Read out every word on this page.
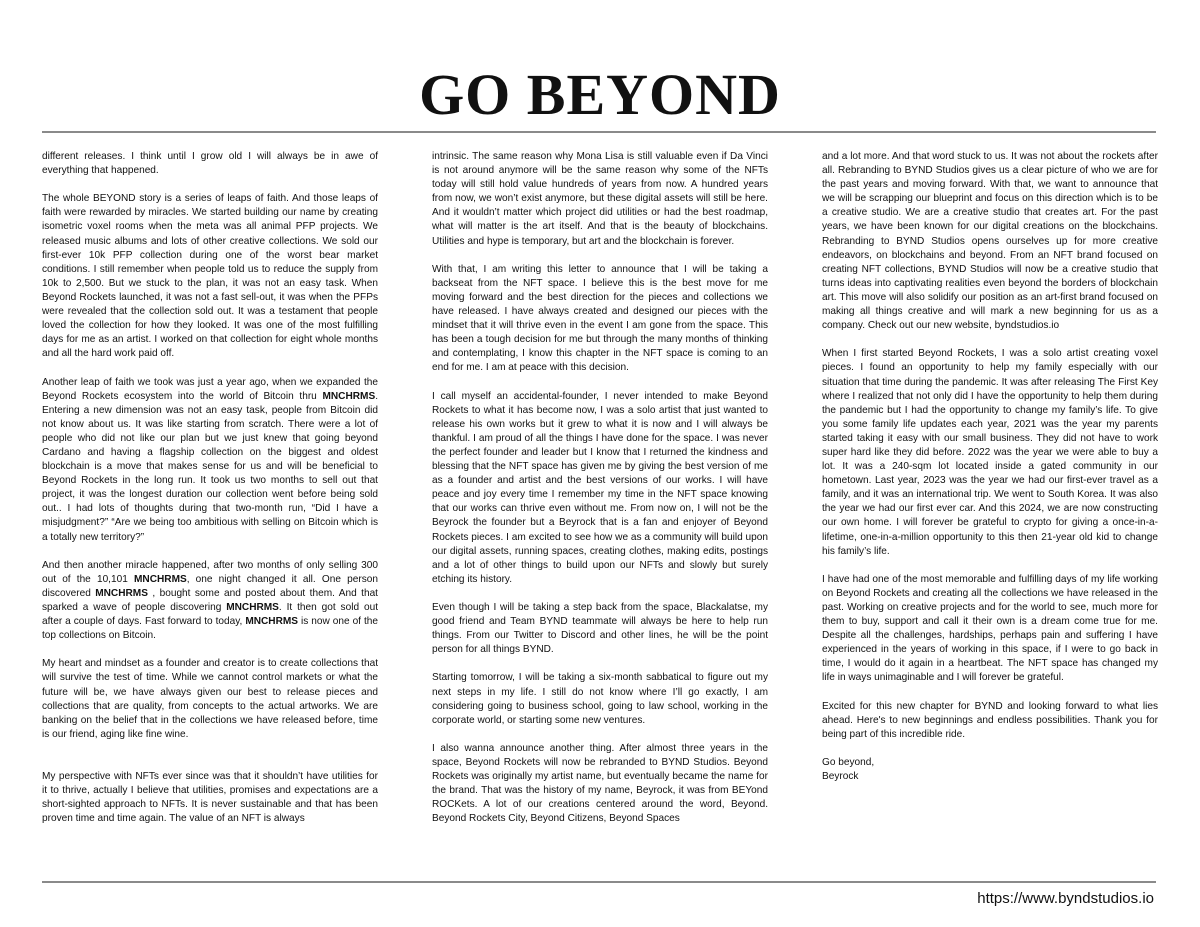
GO BEYOND

different releases. I think until I grow old I will always be in awe of everything that happened.

The whole BEYOND story is a series of leaps of faith. And those leaps of faith were rewarded by miracles. We started building our name by creating isometric voxel rooms when the meta was all animal PFP projects. We released music albums and lots of other creative collections. We sold our first-ever 10k PFP collection during one of the worst bear market conditions. I still remember when people told us to reduce the supply from 10k to 2,500. But we stuck to the plan, it was not an easy task. When Beyond Rockets launched, it was not a fast sell-out, it was when the PFPs were revealed that the collection sold out. It was a testament that people loved the collection for how they looked. It was one of the most fulfilling days for me as an artist. I worked on that collection for eight whole months and all the hard work paid off.

Another leap of faith we took was just a year ago, when we expanded the Beyond Rockets ecosystem into the world of Bitcoin thru MNCHRMS. Entering a new dimension was not an easy task, people from Bitcoin did not know about us. It was like starting from scratch. There were a lot of people who did not like our plan but we just knew that going beyond Cardano and having a flagship collection on the biggest and oldest blockchain is a move that makes sense for us and will be beneficial to Beyond Rockets in the long run. It took us two months to sell out that project, it was the longest duration our collection went before being sold out.. I had lots of thoughts during that two-month run, “Did I have a misjudgment?” “Are we being too ambitious with selling on Bitcoin which is a totally new territory?”

And then another miracle happened, after two months of only selling 300 out of the 10,101 MNCHRMS, one night changed it all. One person discovered MNCHRMS , bought some and posted about them. And that sparked a wave of people discovering MNCHRMS. It then got sold out after a couple of days. Fast forward to today, MNCHRMS is now one of the top collections on Bitcoin.

My heart and mindset as a founder and creator is to create collections that will survive the test of time. While we cannot control markets or what the future will be, we have always given our best to release pieces and collections that are quality, from concepts to the actual artworks. We are banking on the belief that in the collections we have released before, time is our friend, aging like fine wine.

My perspective with NFTs ever since was that it shouldn’t have utilities for it to thrive, actually I believe that utilities, promises and expectations are a short-sighted approach to NFTs. It is never sustainable and that has been proven time and time again. The value of an NFT is always

intrinsic. The same reason why Mona Lisa is still valuable even if Da Vinci is not around anymore will be the same reason why some of the NFTs today will still hold value hundreds of years from now. A hundred years from now, we won’t exist anymore, but these digital assets will still be here. And it wouldn’t matter which project did utilities or had the best roadmap, what will matter is the art itself. And that is the beauty of blockchains. Utilities and hype is temporary, but art and the blockchain is forever.

With that, I am writing this letter to announce that I will be taking a backseat from the NFT space. I believe this is the best move for me moving forward and the best direction for the pieces and collections we have released. I have always created and designed our pieces with the mindset that it will thrive even in the event I am gone from the space. This has been a tough decision for me but through the many months of thinking and contemplating, I know this chapter in the NFT space is coming to an end for me. I am at peace with this decision.

I call myself an accidental-founder, I never intended to make Beyond Rockets to what it has become now, I was a solo artist that just wanted to release his own works but it grew to what it is now and I will always be thankful. I am proud of all the things I have done for the space. I was never the perfect founder and leader but I know that I returned the kindness and blessing that the NFT space has given me by giving the best version of me as a founder and artist and the best versions of our works. I will have peace and joy every time I remember my time in the NFT space knowing that our works can thrive even without me. From now on, I will not be the Beyrock the founder but a Beyrock that is a fan and enjoyer of Beyond Rockets pieces. I am excited to see how we as a community will build upon our digital assets, running spaces, creating clothes, making edits, postings and a lot of other things to build upon our NFTs and slowly but surely etching its history.

Even though I will be taking a step back from the space, Blackalatse, my good friend and Team BYND teammate will always be here to help run things. From our Twitter to Discord and other lines, he will be the point person for all things BYND.

Starting tomorrow, I will be taking a six-month sabbatical to figure out my next steps in my life. I still do not know where I’ll go exactly, I am considering going to business school, going to law school, working in the corporate world, or starting some new ventures.

I also wanna announce another thing. After almost three years in the space, Beyond Rockets will now be rebranded to BYND Studios. Beyond Rockets was originally my artist name, but eventually became the name for the brand. That was the history of my name, Beyrock, it was from BEYond ROCKets. A lot of our creations centered around the word, Beyond. Beyond Rockets City, Beyond Citizens, Beyond Spaces

and a lot more. And that word stuck to us. It was not about the rockets after all. Rebranding to BYND Studios gives us a clear picture of who we are for the past years and moving forward. With that, we want to announce that we will be scrapping our blueprint and focus on this direction which is to be a creative studio. We are a creative studio that creates art. For the past years, we have been known for our digital creations on the blockchains. Rebranding to BYND Studios opens ourselves up for more creative endeavors, on blockchains and beyond. From an NFT brand focused on creating NFT collections, BYND Studios will now be a creative studio that turns ideas into captivating realities even beyond the borders of blockchain art. This move will also solidify our position as an art-first brand focused on making all things creative and will mark a new beginning for us as a company. Check out our new website, byndstudios.io

When I first started Beyond Rockets, I was a solo artist creating voxel pieces. I found an opportunity to help my family especially with our situation that time during the pandemic. It was after releasing The First Key where I realized that not only did I have the opportunity to help them during the pandemic but I had the opportunity to change my family’s life. To give you some family life updates each year, 2021 was the year my parents started taking it easy with our small business. They did not have to work super hard like they did before. 2022 was the year we were able to buy a lot. It was a 240-sqm lot located inside a gated community in our hometown. Last year, 2023 was the year we had our first-ever travel as a family, and it was an international trip. We went to South Korea. It was also the year we had our first ever car. And this 2024, we are now constructing our own home. I will forever be grateful to crypto for giving a once-in-a-lifetime, one-in-a-million opportunity to this then 21-year old kid to change his family’s life.

I have had one of the most memorable and fulfilling days of my life working on Beyond Rockets and creating all the collections we have released in the past. Working on creative projects and for the world to see, much more for them to buy, support and call it their own is a dream come true for me. Despite all the challenges, hardships, perhaps pain and suffering I have experienced in the years of working in this space, if I were to go back in time, I would do it again in a heartbeat. The NFT space has changed my life in ways unimaginable and I will forever be grateful.

Excited for this new chapter for BYND and looking forward to what lies ahead. Here's to new beginnings and endless possibilities. Thank you for being part of this incredible ride.

Go beyond,

Beyrock

https://www.byndstudios.io
